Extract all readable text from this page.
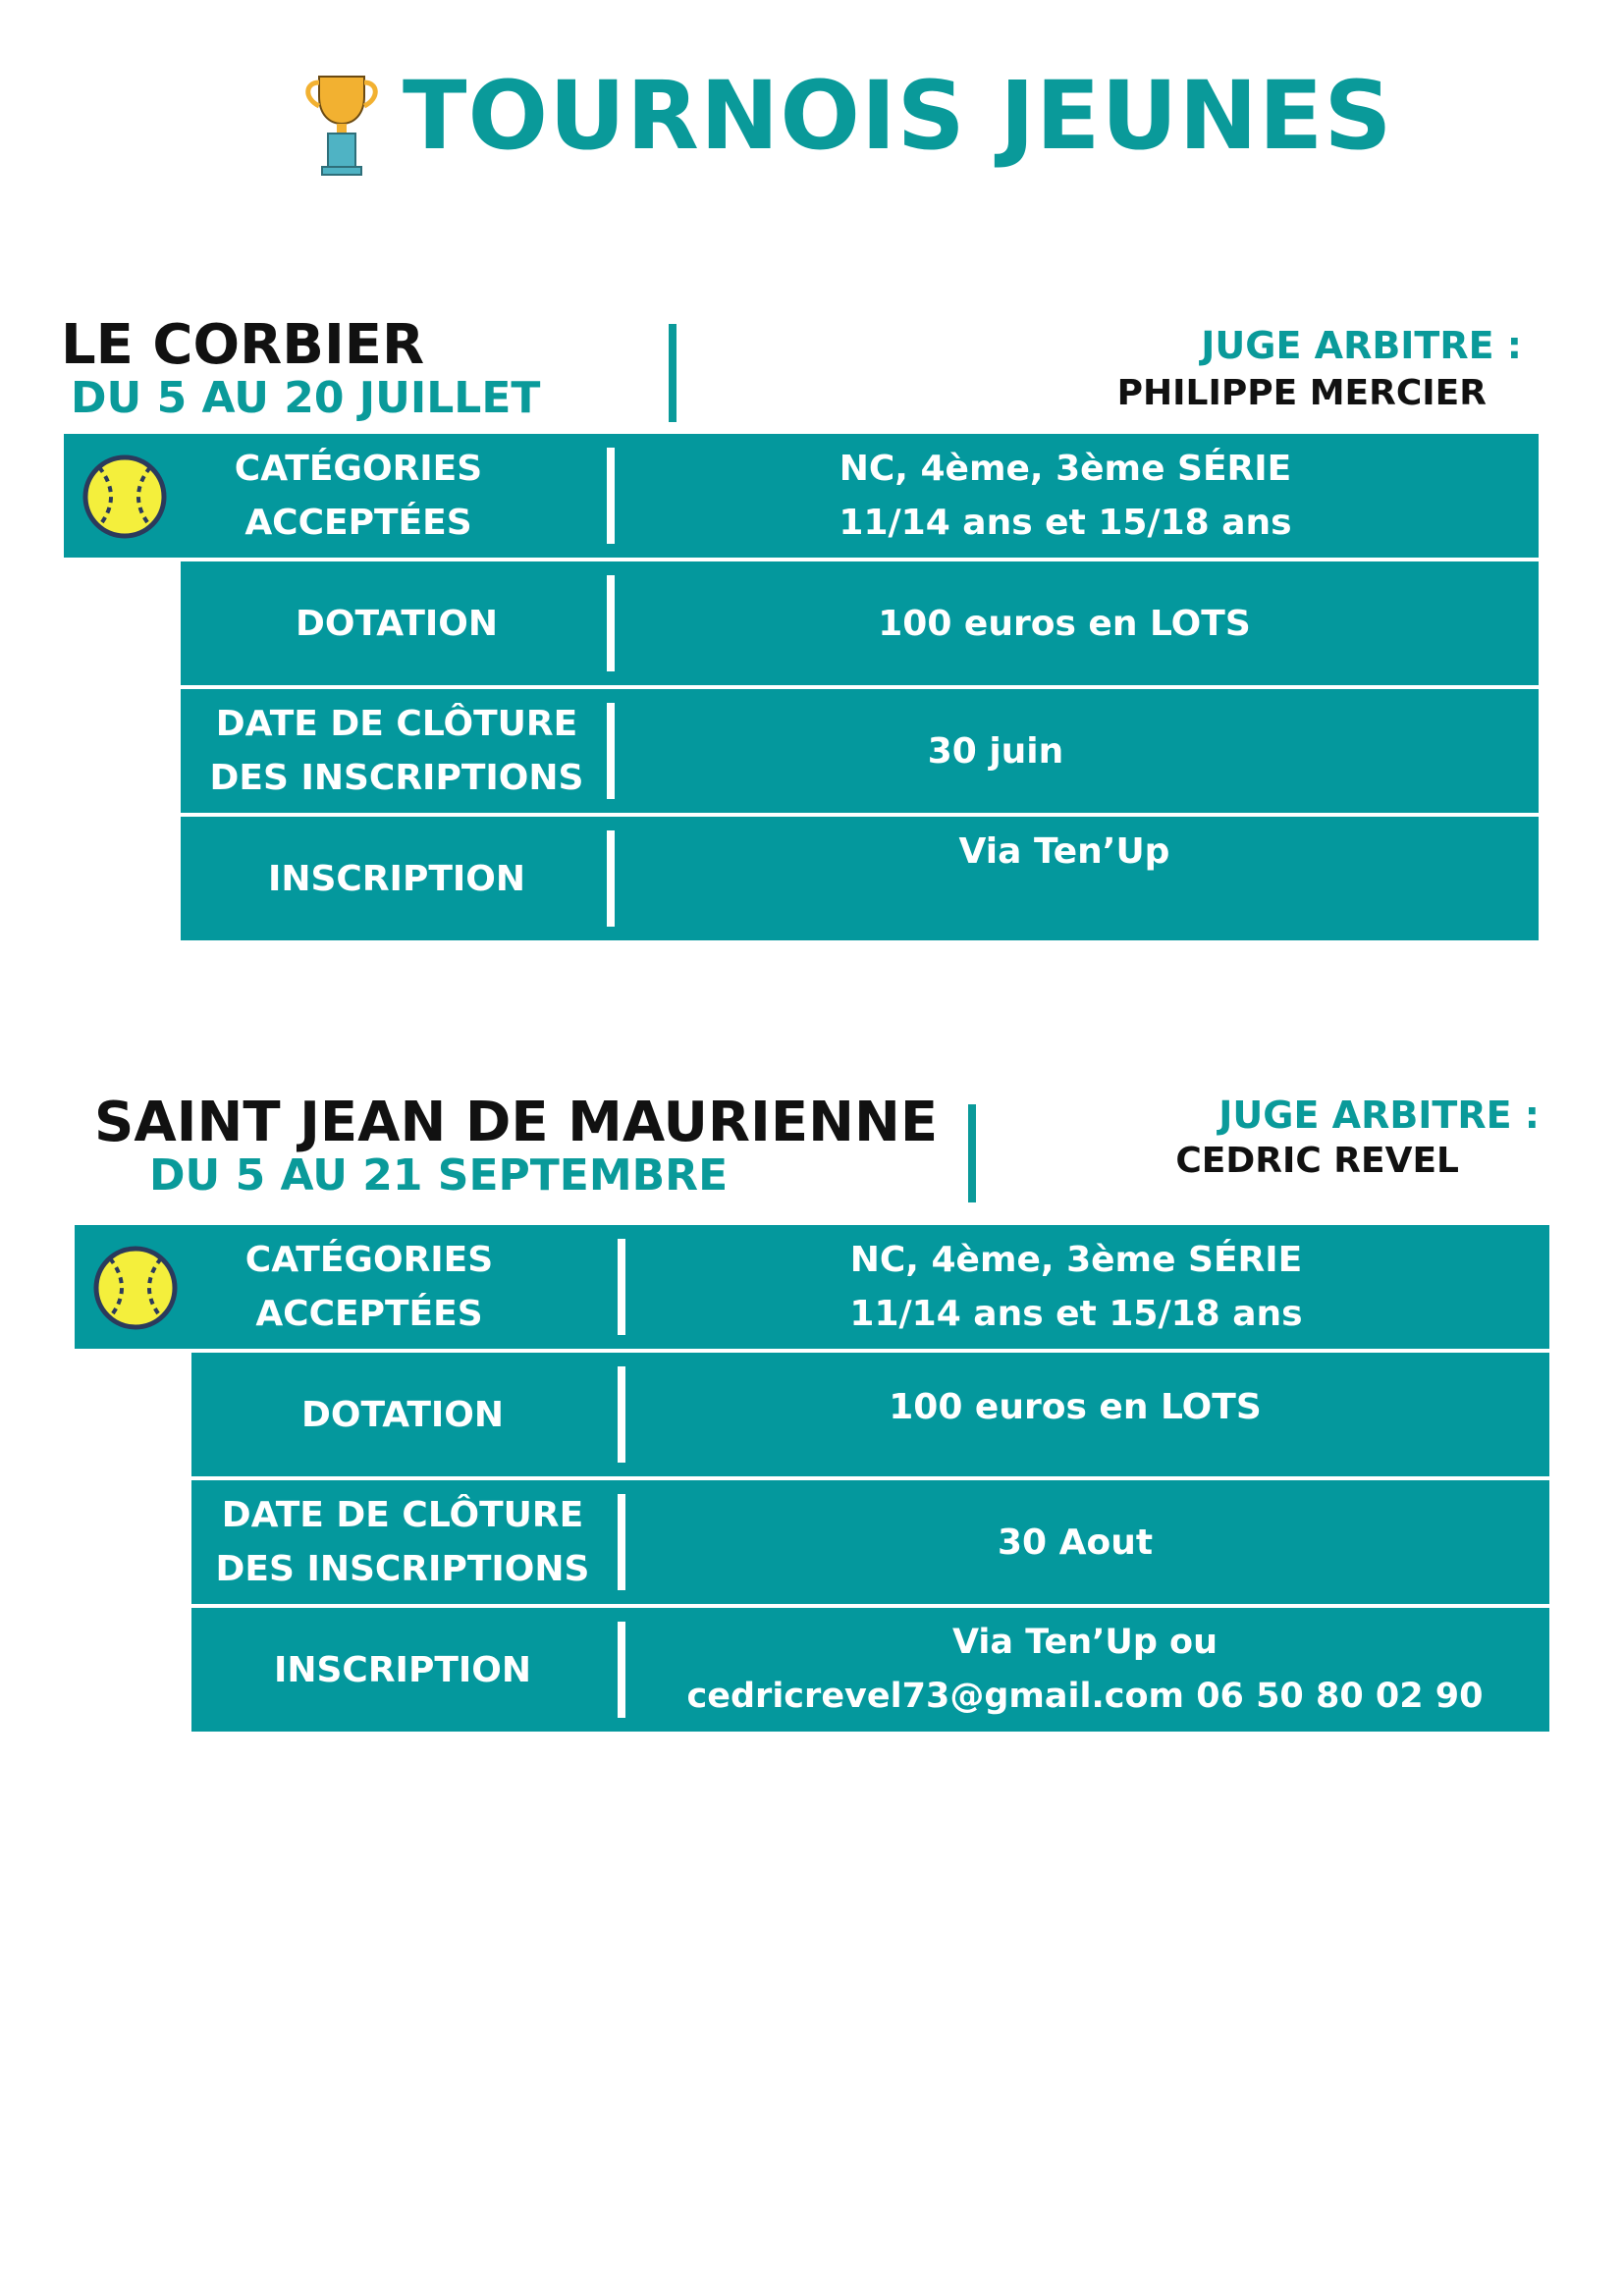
TOURNOIS JEUNES
LE CORBIER
DU 5 AU 20 JUILLET
JUGE ARBITRE :
PHILIPPE MERCIER
CATÉGORIES
ACCEPTÉES
NC, 4ème, 3ème SÉRIE
11/14 ans et 15/18 ans
DOTATION	100 euros en LOTS
DATE DE CLÔTURE
DES INSCRIPTIONS
30 juin
INSCRIPTION
Via Ten’Up
SAINT JEAN DE MAURIENNE
DU 5 AU 21 SEPTEMBRE
JUGE ARBITRE :
CEDRIC REVEL
CATÉGORIES
ACCEPTÉES
NC, 4ème, 3ème SÉRIE
11/14 ans et 15/18 ans
DOTATION	100 euros en LOTS
DATE DE CLÔTURE
DES INSCRIPTIONS
30 Aout
INSCRIPTION
Via Ten’Up ou
cedricrevel73@gmail.com 06 50 80 02 90
